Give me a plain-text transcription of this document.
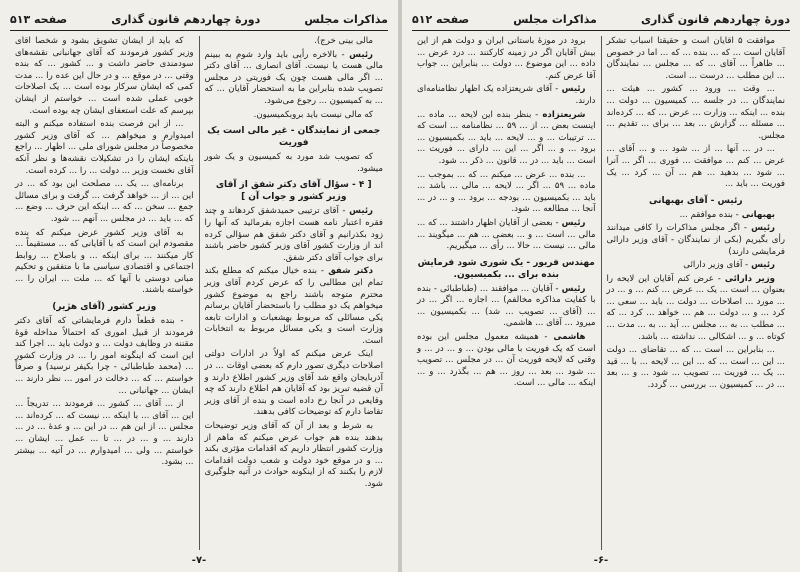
مذاکرات مجلس
دورهٔ چهاردهم قانون گذاری
صفحه ۵۱۳

مالی بینی خرج).

رئیس - بالاخره رأیی باید وارد شوم به ببینم مالی هست یا نیست. آقای انصاری ... آقای دکتر ... اگر مالی هست چون یک فوریتی در مجلس تصویب شده بنابراین ما به استحضار آقایان ... که ... به کمیسیون ... رجوع می‌شود.

که مالی نیست باید بروبکمیسیون.

جمعی از نمایندگان - غیر مالی است یک فوریت

که تصویب شد مورد به کمیسیون و یک شور میشود.

[ ۴ - سؤال آقای دکتر شفق از آقای وزیر کشور و جواب آن ]

رئیس - آقای ترتیبی حمیدشفق کردهاند و چند فقره اعتبار نامه هست اجازه بفرمائید که آنها را زود بکذرانیم و آقای دکتر شفق هم سؤالی کرده اند از وزارت کشور آقای وزیر کشور حاضر باشند برای جواب آقای دکتر شفق.

دکتر شفق - بنده خیال میکنم که مطلع بکند تمام این مطالبی را که عرض کردم آقای وزیر محترم متوجه باشند راجع به موضوع کشور میخواهم یک دو مطلب را باستحضار آقایان برسانم یکی مسائلی که مربوط بهشعبات و ادارات تابعه وزارت است و یکی مسائل مربوط به انتخابات است.

اینک عرض میکنم که اولاً در ادارات دولتی اصلاحات دیگری تصور دارم که بعضی اوقات ... در آذربایجان واقع شد آقای وزیر کشور اطلاع دارند و آن قضیه تبریز بود که آقایان هم اطلاع دارند که چه وقایعی در آنجا رخ داده است و بنده از آقای وزیر تقاضا دارم که توضیحات کافی بدهند.

به شرط و بعد از آن که آقای وزیر توضیحات بدهند بنده هم جواب عرض میکنم که ماهم از وزارت کشور انتظار داریم که اقدامات مؤثری بکند ... و در موقع خود دولت و شعب دولت اقدامات لازم را بکنند که از اینکونه حوادث در آتیه جلوگیری شود.

که باید از ایشان تشویق بشود و شخصاً آقای وزیر کشور فرمودند که آقای جهانبانی نقشه‌های سودمندی حاضر داشت و ... کشور ... که بنده وقتی ... در موقع ... و در حال این عده را ... مدت کمی که ایشان سرکار بوده است ... یک اصلاحات خوبی عملی شده است ... خواستم از ایشان بپرسم که علت استعفای ایشان چه بوده است.

... از این فرصت بنده استفاده میکنم و البته امیدوارم و میخواهم ... که آقای وزیر کشور مخصوصاً در مجلس شورای ملی ... اظهار ... راجع باینکه ایشان را در تشکیلات نقشه‌ها و نظر آنکه آقای نخست وزیر ... دولت ... را ... کرده است.

برنامه‌ای ... یک ... مصلحت این بود که ... در این ... از ... خواهد گرفت ... گرفت و برای مسائل جمع ... سخن ... که ... اینکه این حرف ... وضع ... که ... باید ... در مجلس ... آنهم ... شود.

به آقای وزیر کشور عرض میکنم که بنده مقصودم این است که با آقایانی که ... مستقیماً ... کار میکنند ... برای اینکه ... و باصلاح ... روابط اجتماعی و اقتصادی سیاسی ما با متفقین و تحکیم مبانی دوستی با آنها که ... ملت ... ایران را ... خواسته باشند.

وزیر کشور (آقای هژیر)

- بنده قطعاً دارم فرمایشاتی که آقای دکتر فرمودند از قبیل اموری که احتمالاً مداخله قوهٔ مقننه در وظایف دولت ... و دولت باید ... اجرا کند این است که اینگونه امور را ... در وزارت کشور ... (محمد طباطبائی - چرا بکیفر نرسید) و صرفاً خواستم ... که ... دخالت در امور ... نظر دارند ... ایشان ... جهانبانی ...

از ... آقای ... کشور ... فرمودند ... تدریجاً ... این ... آقای ... با اینکه ... نیست که ... کرده‌اند ... مجلس ... از این هم ... در این ... و عدهٔ ... در ... دارند ... و ... در ... تا ... عمل ... ایشان ... خواستم ... ولی ... امیدوارم ... در آتیه ... بیشتر ... بشود.

-۷-
دورهٔ چهاردهم قانون گذاری
مذاکرات مجلس
صفحه ۵۱۲

موافقت ۵ آقایان است و حقیقتاً اسباب تشکر آقایان است ... که ... بنده ... که ... اما در خصوص ... ظاهراً ... آقای ... که ... مجلس ... نمایندگان ... این مطلب ... درست ... است.

... وقت ... ورود ... کشور ... هیئت ... نمایندگان ... در جلسه ... کمیسیون ... دولت ... بنده ... اینکه ... وزارت ... عرض ... که ... کرده‌اند ... مسئله ... گزارش ... بعد ... برای ... تقدیم ... مجلس.

... در ... آنها ... از ... شود ... و ... آقای ... عرض ... کنم ... موافقت ... فوری ... اگر ... آنرا ... شود ... بدهید ... هم ... آن ... کرد ... یک فوریت ... باید ...

رئیس - آقای بهبهانی

بهبهانی - بنده موافقم ...

رئیس - اگر مجلس مذاکرات را کافی میدانند رأی بگیریم (بکی از نمایندگان - آقای وزیر دارائی فرمایشی دارند)

رئیس - آقای وزیر دارائی

وزیر دارائی - عرض کنم آقایان این لایحه را بعنوان ... است ... یک ... عرض ... کنم ... و ... در ... مورد ... اصلاحات ... دولت ... باید ... سعی ... کرد ... و ... دولت ... هم ... خواهد ... کرد ... که ... مطلب ... به ... مجلس ... آید ... به ... مدت ... کوتاه ... و ... اشکالی ... نداشته ... باشد.

... بنابراین ... است ... که ... تقاضای ... دولت ... این ... است ... که ... این ... لایحه ... با ... قید ... یک ... فوریت ... تصویب ... شود ... و ... بعد ... در ... کمیسیون ... بررسی ... گردد.

برود در موزهٔ باستانی ایران و دولت هم از این بیش آقایان اگر در زمینه کارکنند ... درد عرض ... داده ... این موضوع ... دولت ... بنابراین ... جواب آقا عرض کنم.

رئیس - آقای شریعتزاده یک اظهار نظامنامه‌ای دارند.

شریعتزاده - بنظر بنده این لایحه ... ماده ... اینست بعض ... از ... ۵۹ ... نظامنامه ... است که ... ترتیبات ... و ... لایحه ... باید ... بکمیسیون ... برود ... و ... اگر ... این ... دارای ... فوریت ... است ... باید ... در ... قانون ... ذکر ... شود.

... بنده ... عرض ... میکنم ... که ... بموجب ... ماده ... ۵۹ ... اگر ... لایحه ... مالی ... باشد ... باید ... بکمیسیون ... بودجه ... برود ... و ... در ... آنجا ... مطالعه ... شود.

رئیس - بعضی از آقایان اظهار داشتند ... که ... مالی ... است ... و ... بعضی ... هم ... میگویند ... مالی ... نیست ... حالا ... رأی ... میگیریم.

مهندس فریور - یک شوری شود فرمایش بنده برای ... بکمیسیون.

رئیس - آقایان ... موافقند ... (طباطبائی - بنده با کفایت مذاکره مخالفم) ... اجازه ... اگر ... در ... (آقای ... تصویب ... شد) ... بکمیسیون ... میرود ... آقای ... هاشمی.

هاشمی - همیشه معمول مجلس این بوده است که یک فوریت با مالی بودن ... و ... در ... و وقتی که لایحه فوریت آن ... در مجلس ... تصویب ... شود ... بعد ... روز ... هم ... بگذرد ... و ... اینکه ... مالی ... است.

-۶-
